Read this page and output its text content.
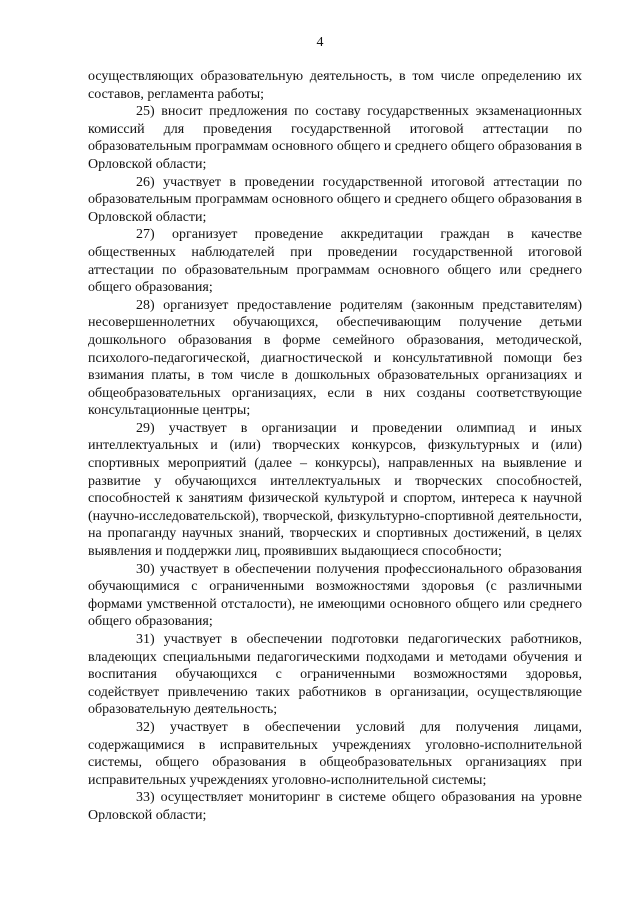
4

осуществляющих образовательную деятельность, в том числе определению их составов, регламента работы;

25) вносит предложения по составу государственных экзаменационных комиссий для проведения государственной итоговой аттестации по образовательным программам основного общего и среднего общего образования в Орловской области;

26) участвует в проведении государственной итоговой аттестации по образовательным программам основного общего и среднего общего образования в Орловской области;

27) организует проведение аккредитации граждан в качестве общественных наблюдателей при проведении государственной итоговой аттестации по образовательным программам основного общего или среднего общего образования;

28) организует предоставление родителям (законным представителям) несовершеннолетних обучающихся, обеспечивающим получение детьми дошкольного образования в форме семейного образования, методической, психолого-педагогической, диагностической и консультативной помощи без взимания платы, в том числе в дошкольных образовательных организациях и общеобразовательных организациях, если в них созданы соответствующие консультационные центры;

29) участвует в организации и проведении олимпиад и иных интеллектуальных и (или) творческих конкурсов, физкультурных и (или) спортивных мероприятий (далее – конкурсы), направленных на выявление и развитие у обучающихся интеллектуальных и творческих способностей, способностей к занятиям физической культурой и спортом, интереса к научной (научно-исследовательской), творческой, физкультурно-спортивной деятельности, на пропаганду научных знаний, творческих и спортивных достижений, в целях выявления и поддержки лиц, проявивших выдающиеся способности;

30) участвует в обеспечении получения профессионального образования обучающимися с ограниченными возможностями здоровья (с различными формами умственной отсталости), не имеющими основного общего или среднего общего образования;

31) участвует в обеспечении подготовки педагогических работников, владеющих специальными педагогическими подходами и методами обучения и воспитания обучающихся с ограниченными возможностями здоровья, содействует привлечению таких работников в организации, осуществляющие образовательную деятельность;

32) участвует в обеспечении условий для получения лицами, содержащимися в исправительных учреждениях уголовно-исполнительной системы, общего образования в общеобразовательных организациях при исправительных учреждениях уголовно-исполнительной системы;

33) осуществляет мониторинг в системе общего образования на уровне Орловской области;
